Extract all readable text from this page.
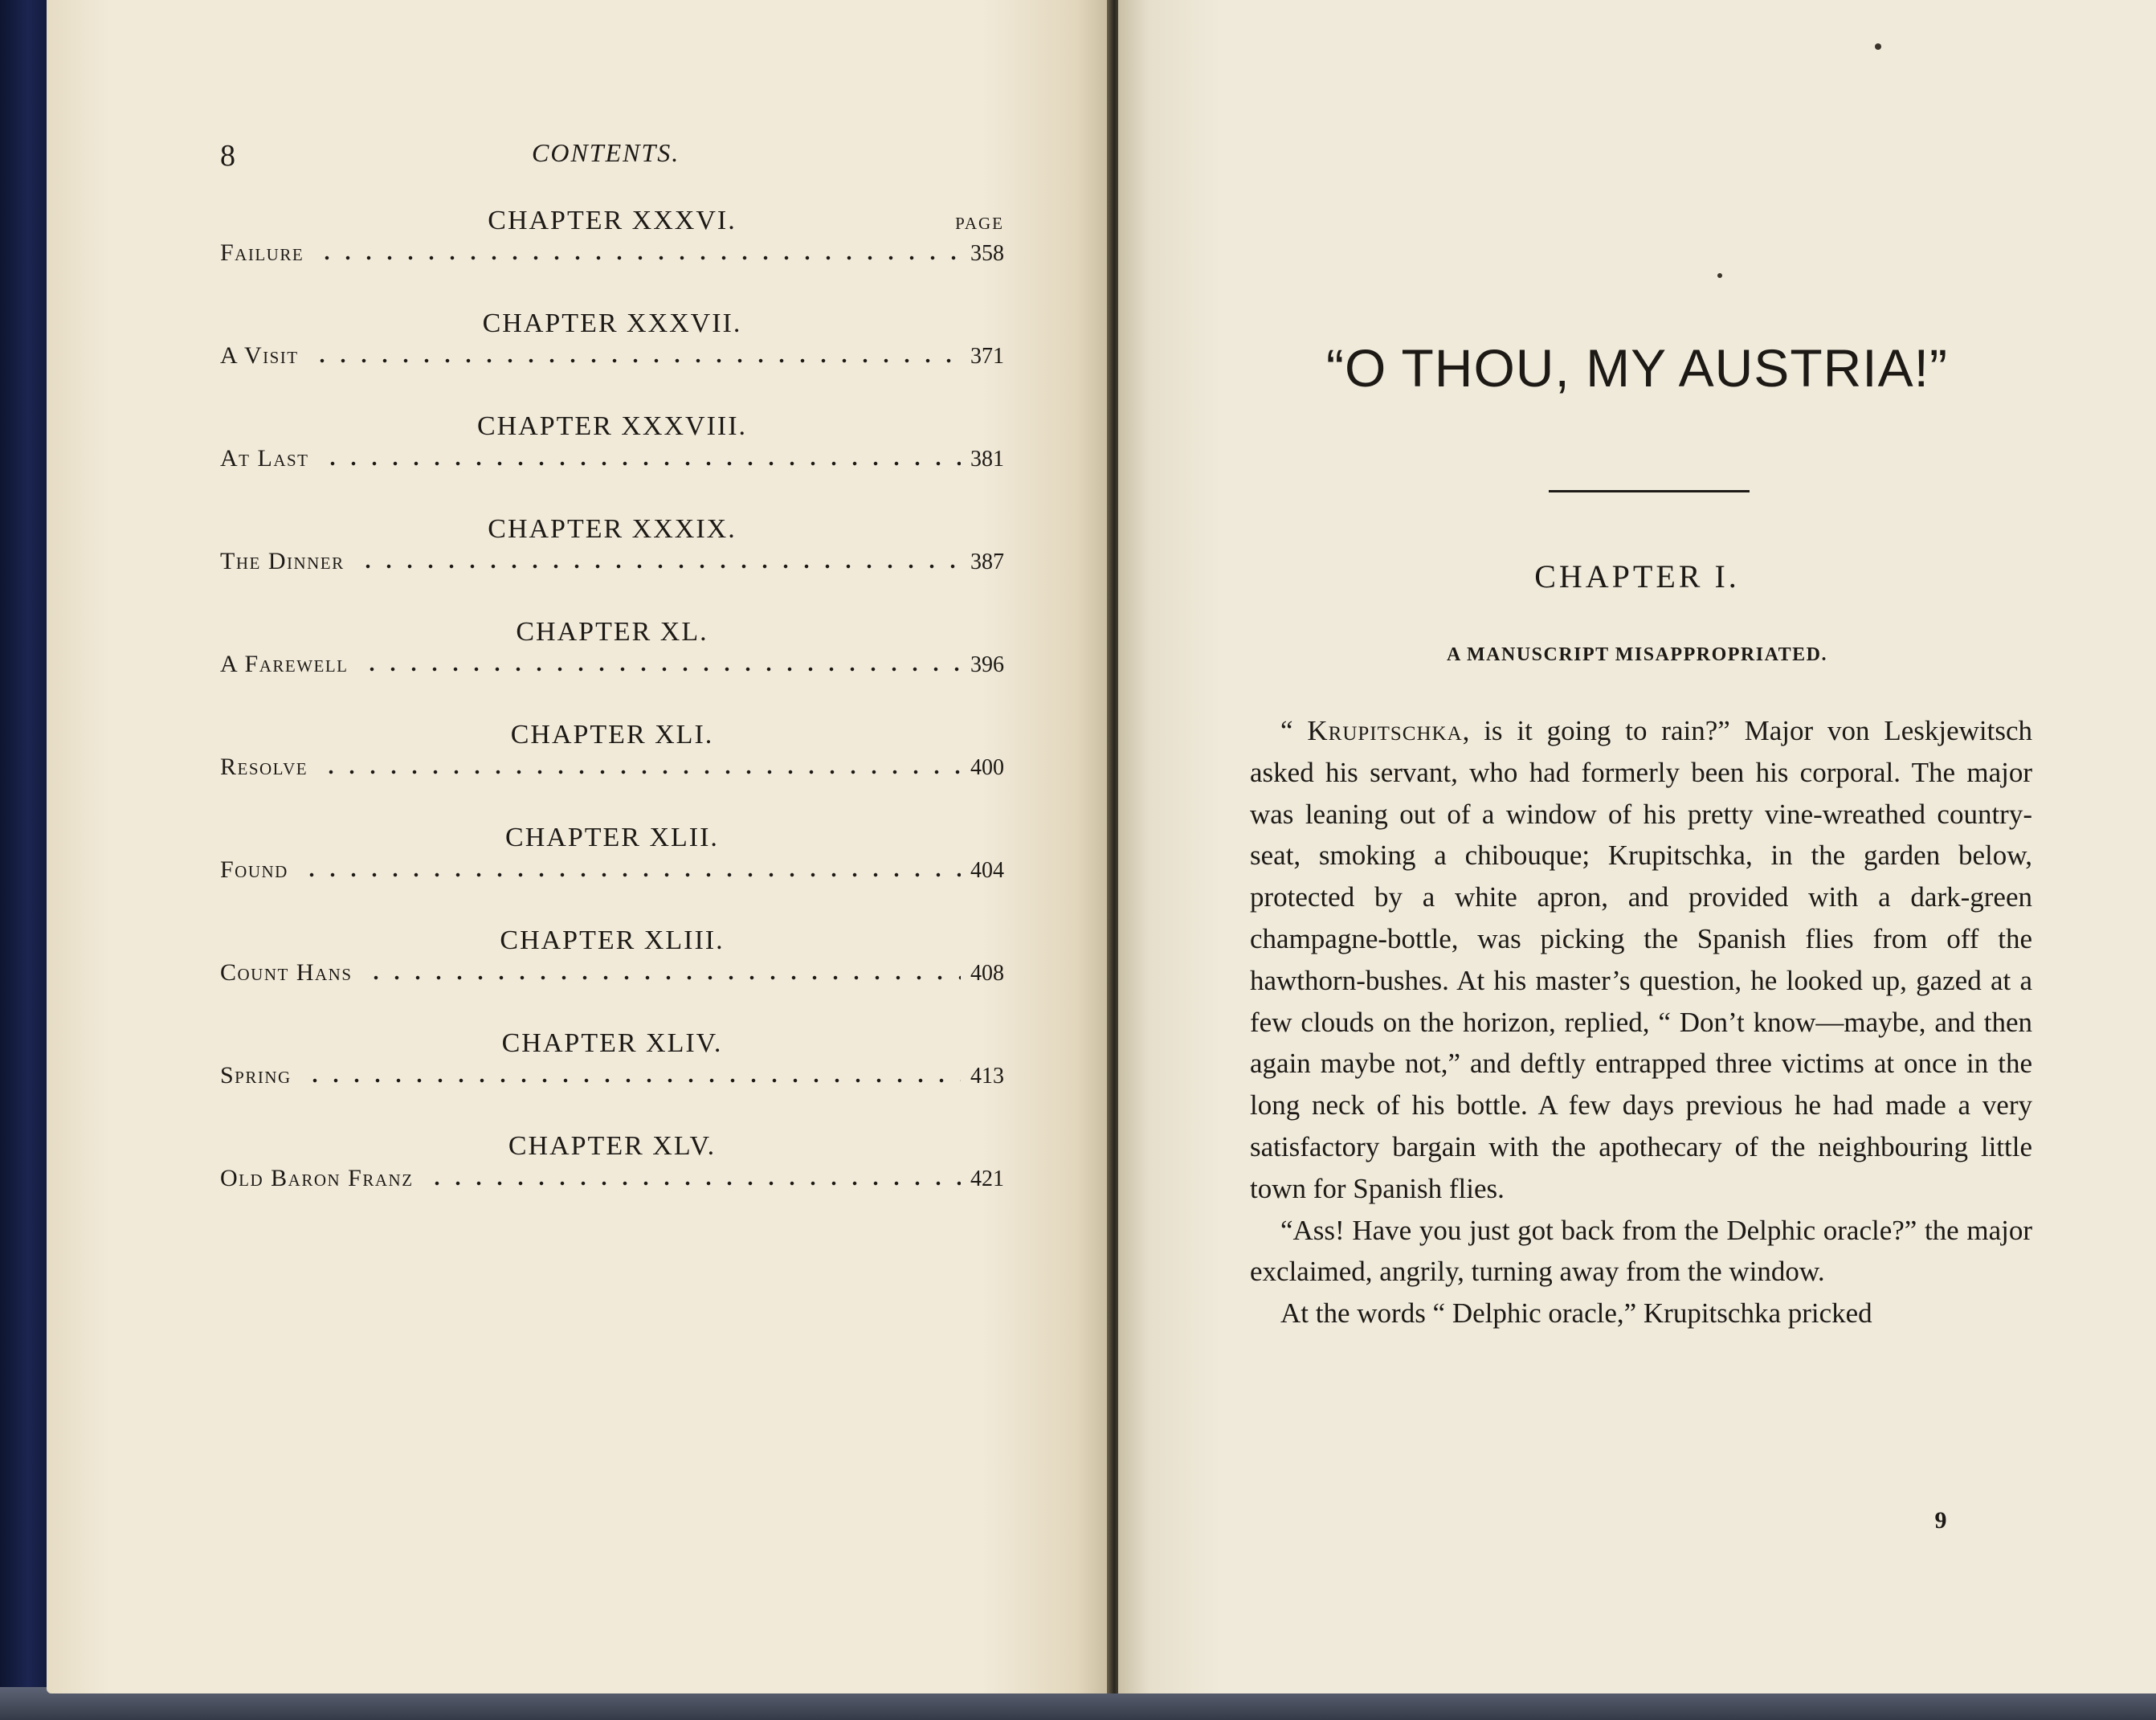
8	CONTENTS.
CHAPTER XXXVI.	PAGE
Failure	358
CHAPTER XXXVII.
A Visit	371
CHAPTER XXXVIII.
At Last	381
CHAPTER XXXIX.
The Dinner	387
CHAPTER XL.
A Farewell	396
CHAPTER XLI.
Resolve	400
CHAPTER XLII.
Found	404
CHAPTER XLIII.
Count Hans	408
CHAPTER XLIV.
Spring	413
CHAPTER XLV.
Old Baron Franz	421
“O THOU, MY AUSTRIA!”
CHAPTER I.
A MANUSCRIPT MISAPPROPRIATED.

“ Krupitschka, is it going to rain?” Major von Leskjewitsch asked his servant, who had formerly been his corporal. The major was leaning out of a window of his pretty vine-wreathed country-seat, smoking a chibouque; Krupitschka, in the garden below, protected by a white apron, and provided with a dark-green champagne-bottle, was picking the Spanish flies from off the hawthorn-bushes. At his master’s question, he looked up, gazed at a few clouds on the horizon, replied, “ Don’t know—maybe, and then again maybe not,” and deftly entrapped three victims at once in the long neck of his bottle. A few days previous he had made a very satisfactory bargain with the apothecary of the neighbouring little town for Spanish flies.

“Ass! Have you just got back from the Delphic oracle?” the major exclaimed, angrily, turning away from the window.

At the words “ Delphic oracle,” Krupitschka pricked

9
